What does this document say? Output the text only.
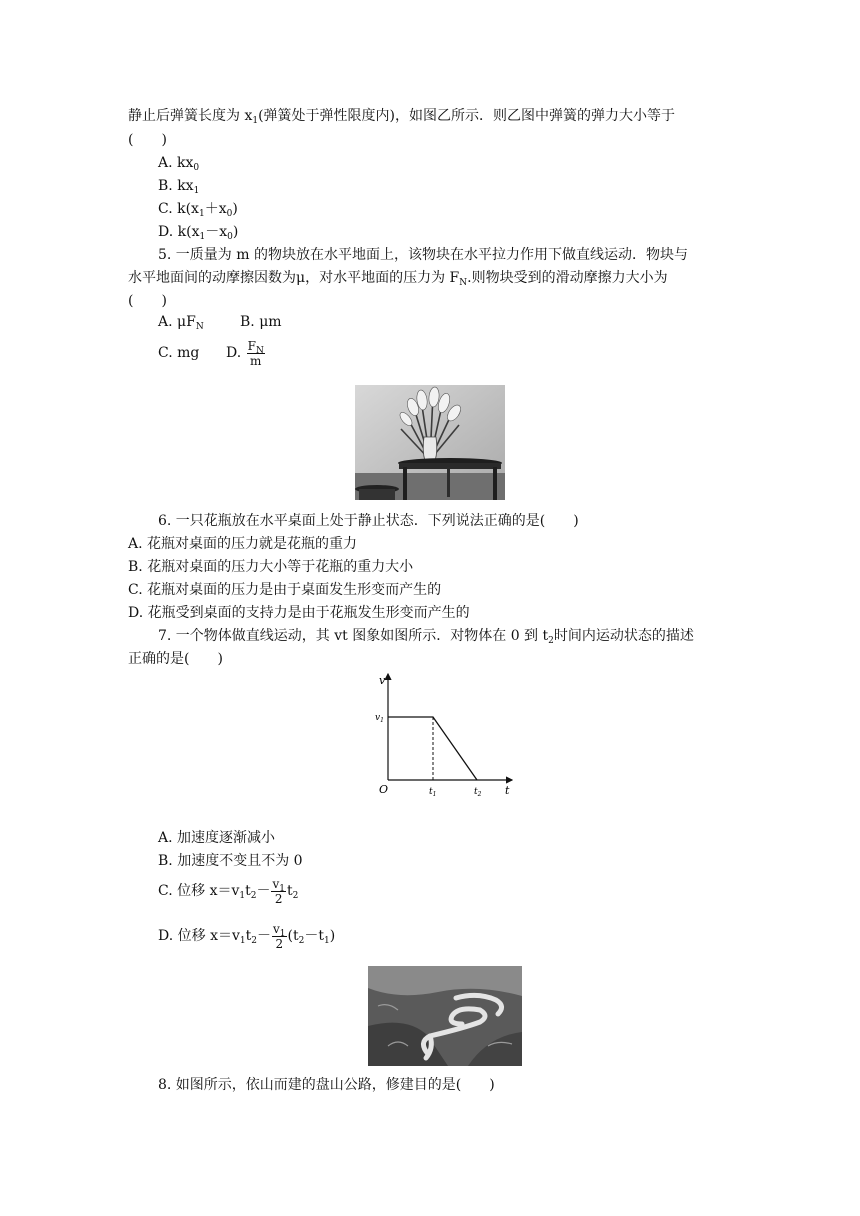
静止后弹簧长度为 $x_1$(弹簧处于弹性限度内)，如图乙所示．则乙图中弹簧的弹力大小等于
(　　)
A. $kx_0$
B. $kx_1$
C. $k(x_1+x_0)$
D. $k(x_1-x_0)$
5. 一质量为 m 的物块放在水平地面上，该物块在水平拉力作用下做直线运动．物块与
水平地面间的动摩擦因数为μ，对水平地面的压力为 $F_N$.则物块受到的滑动摩擦力大小为
(　　)
A. $\mu F_N$	B. μm
C. mg D. $\frac{F_N}{m}$
6. 一只花瓶放在水平桌面上处于静止状态．下列说法正确的是(　　)
A. 花瓶对桌面的压力就是花瓶的重力
B. 花瓶对桌面的压力大小等于花瓶的重力大小
C. 花瓶对桌面的压力是由于桌面发生形变而产生的
D. 花瓶受到桌面的支持力是由于花瓶发生形变而产生的
7. 一个物体做直线运动，其 vt 图象如图所示．对物体在 0 到 $t_2$时间内运动状态的描述
正确的是(　　)
v
t
O
$v_1$
$t_1$	$t_2$
A. 加速度逐渐减小
B. 加速度不变且不为 0
C. 位移 $x=v_1t_2- \frac{v_1}{2} t_2$
D. 位移 $x=v_1t_2- \frac{v_1}{2} (t_2-t_1)$
8. 如图所示，依山而建的盘山公路，修建目的是(　　)
